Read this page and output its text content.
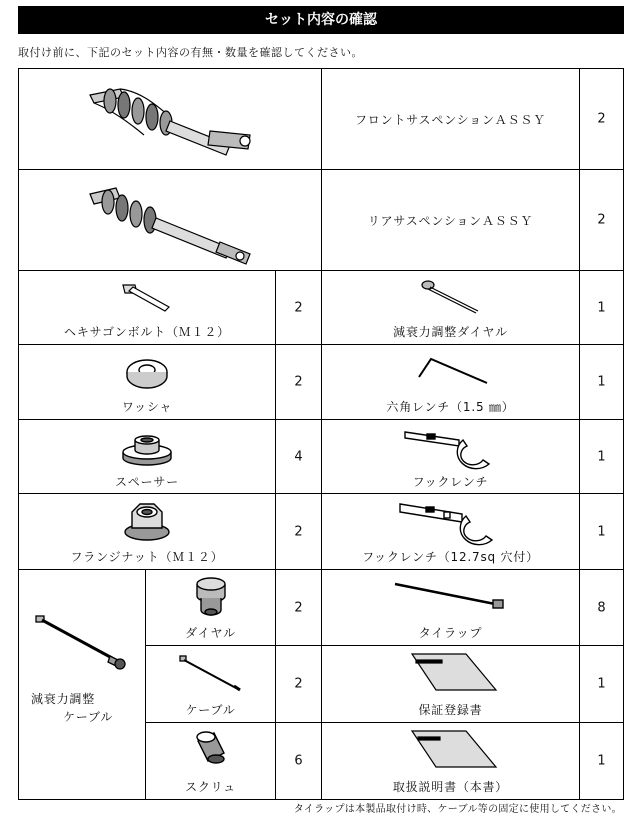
セット内容の確認
取付け前に、下記のセット内容の有無・数量を確認してください。
フロントサスペンションＡＳＳＹ	2
リアサスペンションＡＳＳＹ	2
ヘキサゴンボルト（Ｍ１２）
2
減衰力調整ダイヤル
1
ワッシャ
2
六角レンチ（1.5 ㎜）
1
スペーサー
4
フックレンチ
1
フランジナット（Ｍ１２）
2
フックレンチ（12.7sq 穴付）
1
減衰力調整
ケーブル
ダイヤル
2
タイラップ
8
ケーブル
2
保証登録書
1
スクリュ
6
取扱説明書（本書）
1
タイラップは本製品取付け時、ケーブル等の固定に使用してください。
